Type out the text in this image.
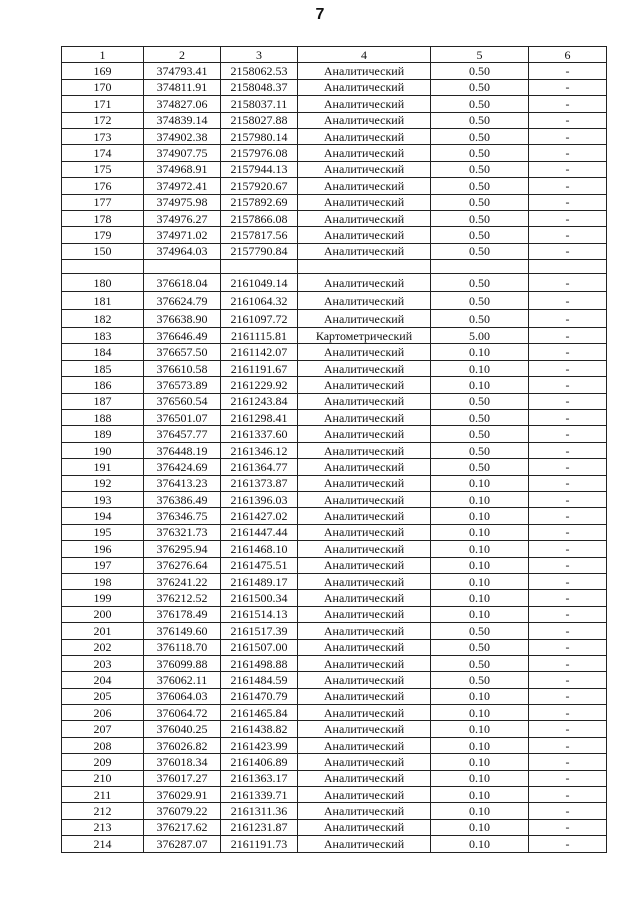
7
1	2	3	4	5	6
169	374793.41	2158062.53	Аналитический	0.50	-
170	374811.91	2158048.37	Аналитический	0.50	-
171	374827.06	2158037.11	Аналитический	0.50	-
172	374839.14	2158027.88	Аналитический	0.50	-
173	374902.38	2157980.14	Аналитический	0.50	-
174	374907.75	2157976.08	Аналитический	0.50	-
175	374968.91	2157944.13	Аналитический	0.50	-
176	374972.41	2157920.67	Аналитический	0.50	-
177	374975.98	2157892.69	Аналитический	0.50	-
178	374976.27	2157866.08	Аналитический	0.50	-
179	374971.02	2157817.56	Аналитический	0.50	-
150	374964.03	2157790.84	Аналитический	0.50	-

180	376618.04	2161049.14	Аналитический	0.50	-
181	376624.79	2161064.32	Аналитический	0.50	-
182	376638.90	2161097.72	Аналитический	0.50	-
183	376646.49	2161115.81	Картометрический	5.00	-
184	376657.50	2161142.07	Аналитический	0.10	-
185	376610.58	2161191.67	Аналитический	0.10	-
186	376573.89	2161229.92	Аналитический	0.10	-
187	376560.54	2161243.84	Аналитический	0.50	-
188	376501.07	2161298.41	Аналитический	0.50	-
189	376457.77	2161337.60	Аналитический	0.50	-
190	376448.19	2161346.12	Аналитический	0.50	-
191	376424.69	2161364.77	Аналитический	0.50	-
192	376413.23	2161373.87	Аналитический	0.10	-
193	376386.49	2161396.03	Аналитический	0.10	-
194	376346.75	2161427.02	Аналитический	0.10	-
195	376321.73	2161447.44	Аналитический	0.10	-
196	376295.94	2161468.10	Аналитический	0.10	-
197	376276.64	2161475.51	Аналитический	0.10	-
198	376241.22	2161489.17	Аналитический	0.10	-
199	376212.52	2161500.34	Аналитический	0.10	-
200	376178.49	2161514.13	Аналитический	0.10	-
201	376149.60	2161517.39	Аналитический	0.50	-
202	376118.70	2161507.00	Аналитический	0.50	-
203	376099.88	2161498.88	Аналитический	0.50	-
204	376062.11	2161484.59	Аналитический	0.50	-
205	376064.03	2161470.79	Аналитический	0.10	-
206	376064.72	2161465.84	Аналитический	0.10	-
207	376040.25	2161438.82	Аналитический	0.10	-
208	376026.82	2161423.99	Аналитический	0.10	-
209	376018.34	2161406.89	Аналитический	0.10	-
210	376017.27	2161363.17	Аналитический	0.10	-
211	376029.91	2161339.71	Аналитический	0.10	-
212	376079.22	2161311.36	Аналитический	0.10	-
213	376217.62	2161231.87	Аналитический	0.10	-
214	376287.07	2161191.73	Аналитический	0.10	-
